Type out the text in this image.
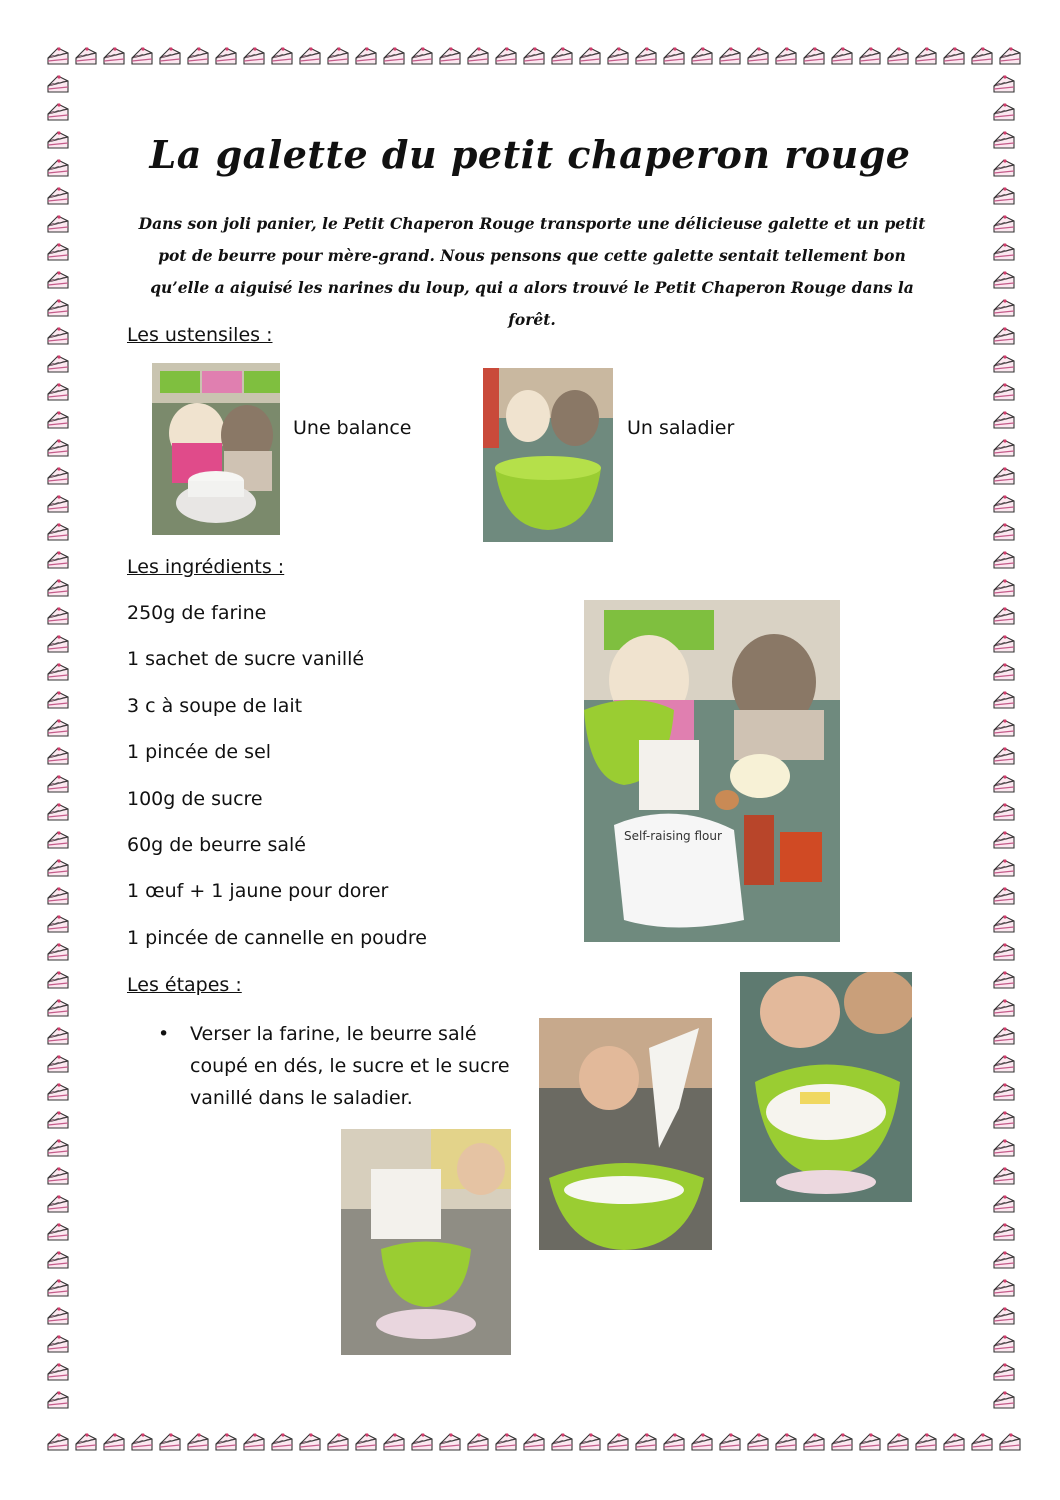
La galette du petit chaperon rouge
Dans son joli panier, le Petit Chaperon Rouge transporte une délicieuse galette et un petit pot de beurre pour mère-grand. Nous pensons que cette galette sentait tellement bon qu’elle a aiguisé les narines du loup, qui a alors trouvé le Petit Chaperon Rouge dans la forêt.
Les ustensiles :
Une balance	Un saladier
Les ingrédients :
250g de farine
1 sachet de sucre vanillé
3 c à soupe de lait
1 pincée de sel
100g de sucre
60g de beurre salé
1 œuf + 1 jaune pour dorer
1 pincée de cannelle en poudre
Self-raising flour
Les étapes :
• Verser la farine, le beurre salé coupé en dés, le sucre et le sucre vanillé dans le saladier.
